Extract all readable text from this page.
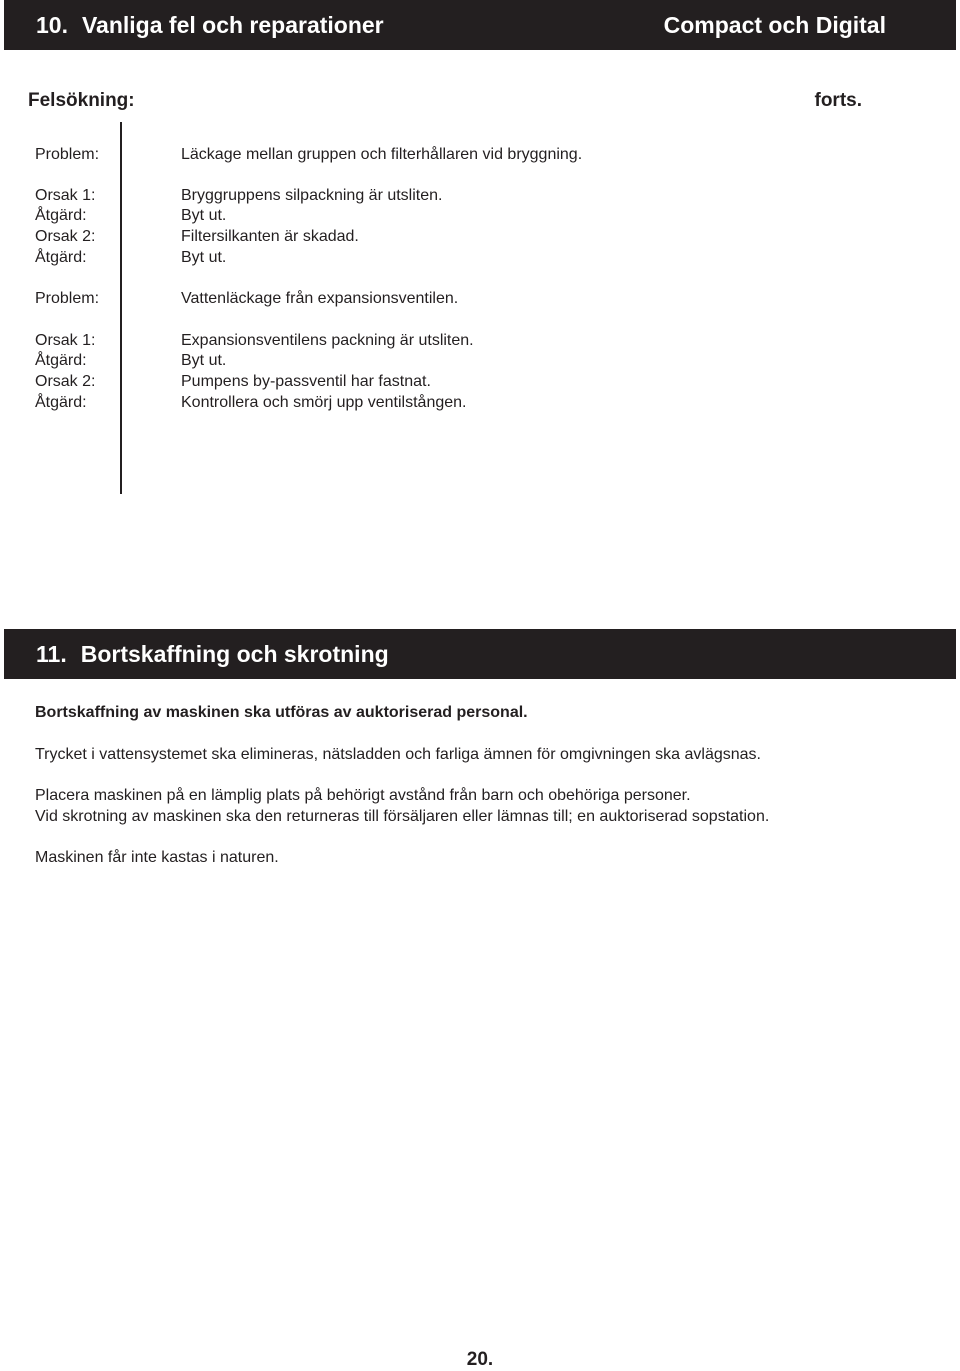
10. Vanliga fel och reparationer	Compact och Digital
Felsökning:	forts.
Problem:	Läckage mellan gruppen och filterhållaren vid bryggning.
Orsak 1:	Bryggruppens silpackning är utsliten.
Åtgärd:	Byt ut.
Orsak 2:	Filtersilkanten är skadad.
Åtgärd:	Byt ut.
Problem:	Vattenläckage från expansionsventilen.
Orsak 1:	Expansionsventilens packning är utsliten.
Åtgärd:	Byt ut.
Orsak 2:	Pumpens by-passventil har fastnat.
Åtgärd:	Kontrollera och smörj upp ventilstången.
11. Bortskaffning och skrotning
Bortskaffning av maskinen ska utföras av auktoriserad personal.
Trycket i vattensystemet ska elimineras, nätsladden och farliga ämnen för omgivningen ska avlägsnas.
Placera maskinen på en lämplig plats på behörigt avstånd från barn och obehöriga personer.
Vid skrotning av maskinen ska den returneras till försäljaren eller lämnas till; en auktoriserad sopstation.
Maskinen får inte kastas i naturen.
20.
